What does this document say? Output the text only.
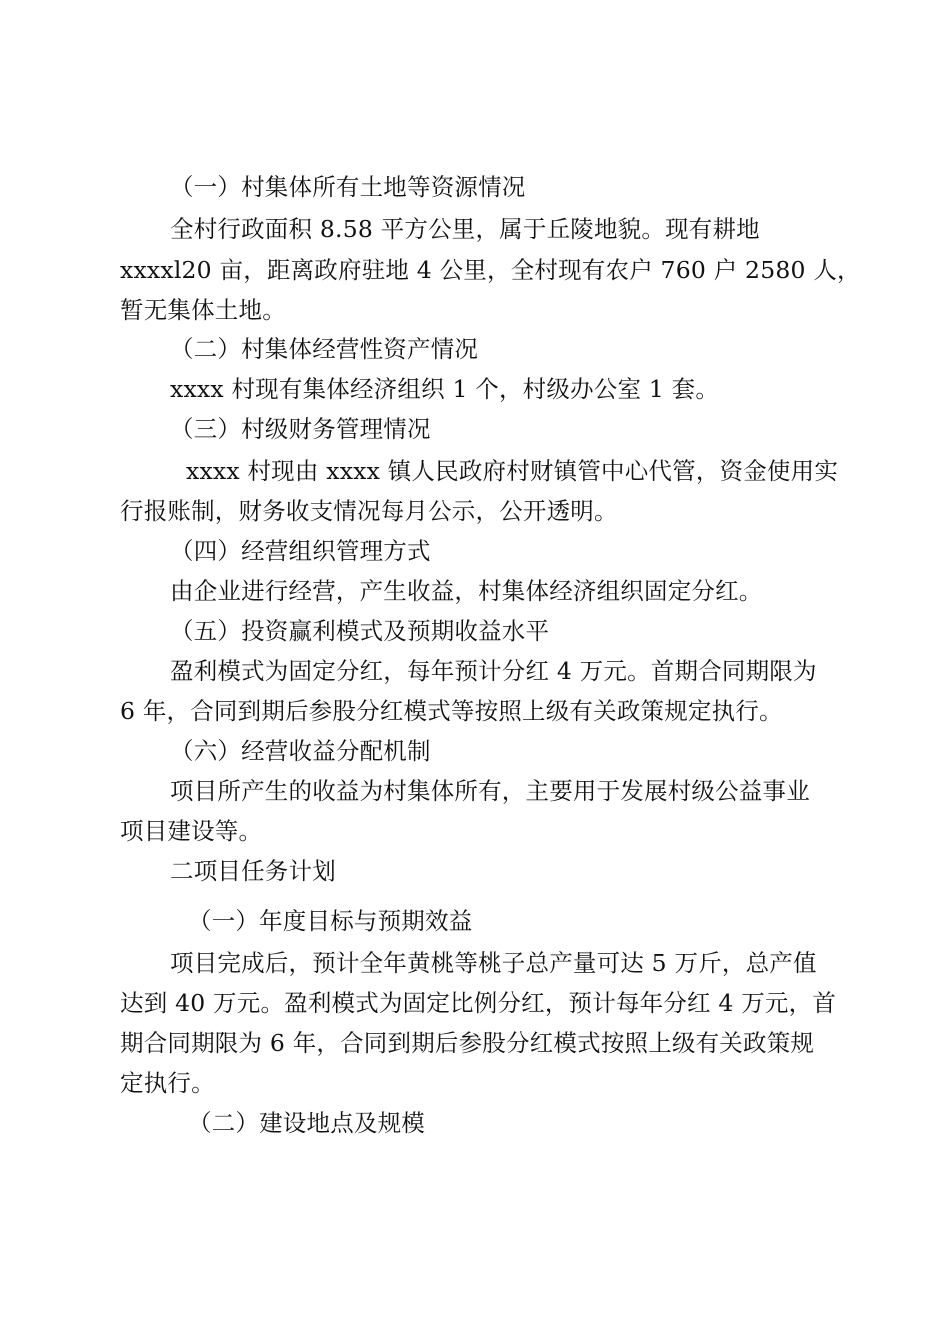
（一）村集体所有土地等资源情况

全村行政面积 8.58 平方公里，属于丘陵地貌。现有耕地

xxxxl20 亩，距离政府驻地 4 公里，全村现有农户 760 户 2580 人，

暂无集体土地。

（二）村集体经营性资产情况

xxxx 村现有集体经济组织 1 个，村级办公室 1 套。

（三）村级财务管理情况

xxxx 村现由 xxxx 镇人民政府村财镇管中心代管，资金使用实

行报账制，财务收支情况每月公示，公开透明。

（四）经营组织管理方式

由企业进行经营，产生收益，村集体经济组织固定分红。

（五）投资赢利模式及预期收益水平

盈利模式为固定分红，每年预计分红 4 万元。首期合同期限为

6 年，合同到期后参股分红模式等按照上级有关政策规定执行。

（六）经营收益分配机制

项目所产生的收益为村集体所有，主要用于发展村级公益事业

项目建设等。

二项目任务计划

（一）年度目标与预期效益

项目完成后，预计全年黄桃等桃子总产量可达 5 万斤，总产值

达到 40 万元。盈利模式为固定比例分红，预计每年分红 4 万元，首

期合同期限为 6 年，合同到期后参股分红模式按照上级有关政策规

定执行。

（二）建设地点及规模
